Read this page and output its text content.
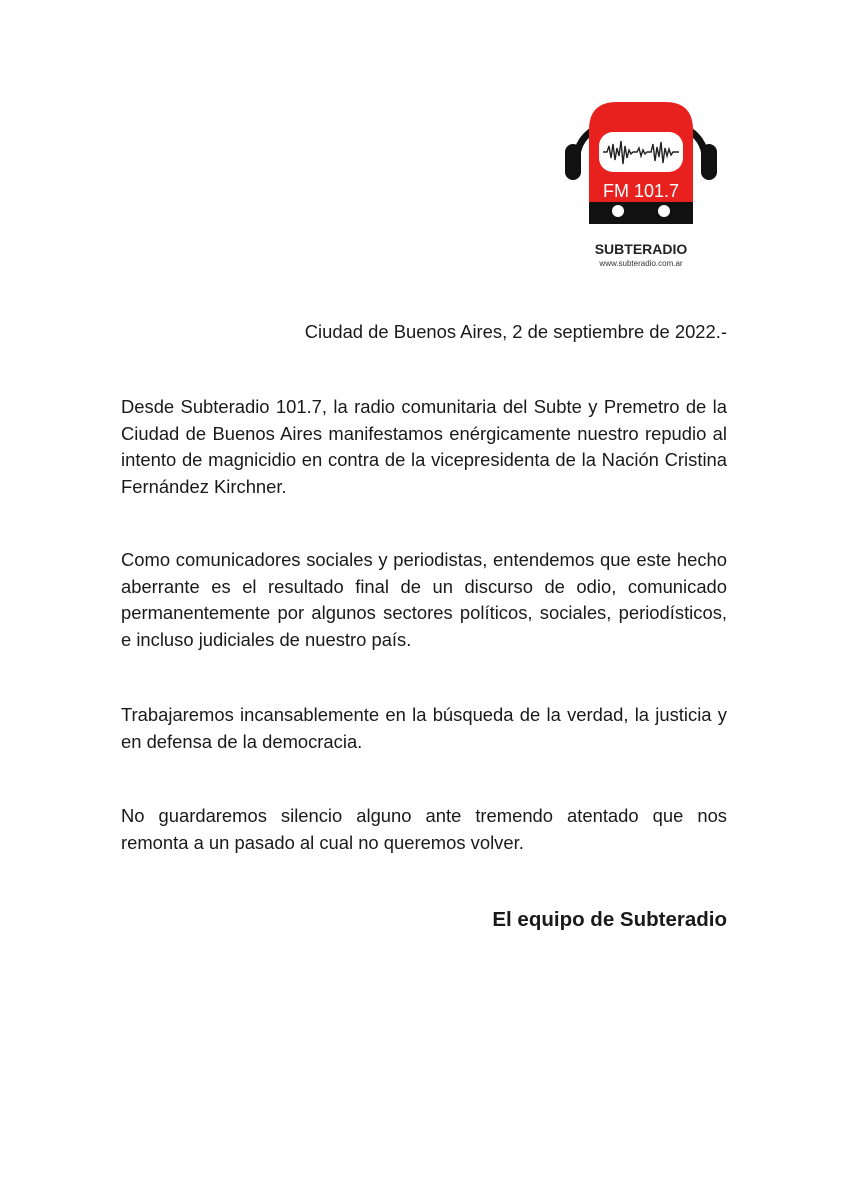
FM 101.7
SUBTERADIO
www.subteradio.com.ar
Ciudad de Buenos Aires, 2 de septiembre de 2022.-

Desde Subteradio 101.7, la radio comunitaria del Subte y Premetro de la Ciudad de Buenos Aires manifestamos enérgicamente nuestro repudio al intento de magnicidio en contra de la vicepresidenta de la Nación Cristina Fernández Kirchner.

Como comunicadores sociales y periodistas, entendemos que este hecho aberrante es el resultado final de un discurso de odio, comunicado permanentemente por algunos sectores políticos, sociales, periodísticos, e incluso judiciales de nuestro país.

Trabajaremos incansablemente en la búsqueda de la verdad, la justicia y en defensa de la democracia.

No guardaremos silencio alguno ante tremendo atentado que nos remonta a un pasado al cual no queremos volver.

El equipo de Subteradio
